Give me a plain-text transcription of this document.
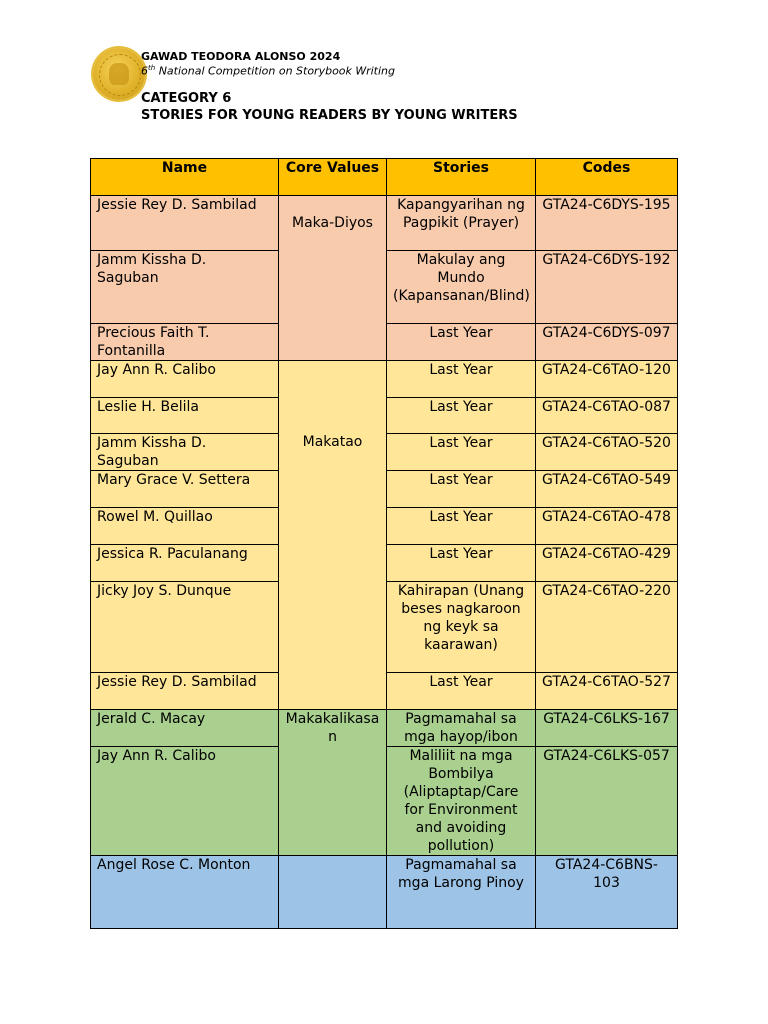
GAWAD TEODORA ALONSO 2024
6th National Competition on Storybook Writing
CATEGORY 6
STORIES FOR YOUNG READERS BY YOUNG WRITERS
Name	Core Values	Stories	Codes
Jessie Rey D. Sambilad	Maka-Diyos	Kapangyarihan ng Pagpikit (Prayer)	GTA24-C6DYS-195
Jamm Kissha D. Saguban		Makulay ang Mundo (Kapansanan/Blind)	GTA24-C6DYS-192
Precious Faith T. Fontanilla		Last Year	GTA24-C6DYS-097
Jay Ann R. Calibo	Makatao	Last Year	GTA24-C6TAO-120
Leslie H. Belila		Last Year	GTA24-C6TAO-087
Jamm Kissha D. Saguban		Last Year	GTA24-C6TAO-520
Mary Grace V. Settera		Last Year	GTA24-C6TAO-549
Rowel M. Quillao		Last Year	GTA24-C6TAO-478
Jessica R. Paculanang		Last Year	GTA24-C6TAO-429
Jicky Joy S. Dunque		Kahirapan (Unang beses nagkaroon ng keyk sa kaarawan)	GTA24-C6TAO-220
Jessie Rey D. Sambilad		Last Year	GTA24-C6TAO-527
Jerald C. Macay	Makakalikasan	Pagmamahal sa mga hayop/ibon	GTA24-C6LKS-167
Jay Ann R. Calibo		Maliliit na mga Bombilya (Aliptaptap/Care for Environment and avoiding pollution)	GTA24-C6LKS-057
Angel Rose C. Monton		Pagmamahal sa mga Larong Pinoy	GTA24-C6BNS-103
